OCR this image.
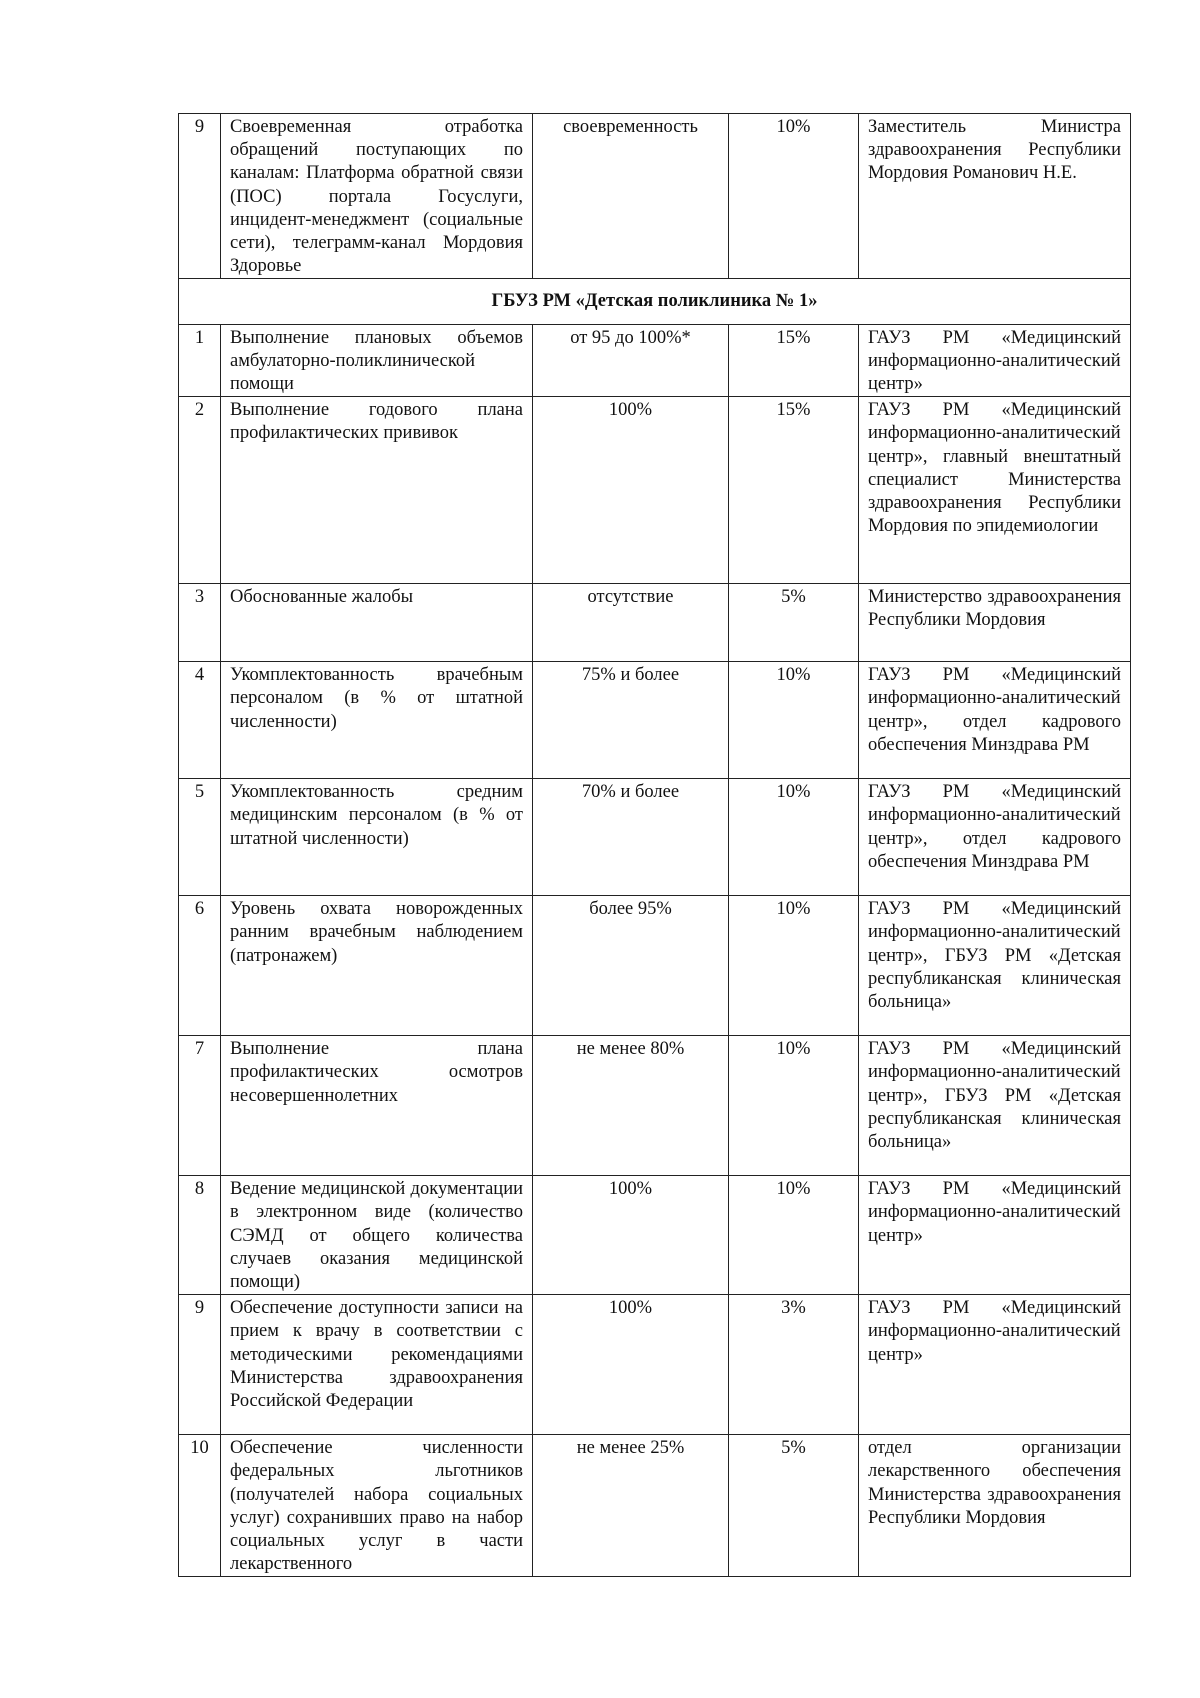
9	Своевременная отработка обращений поступающих по каналам: Платформа обратной связи (ПОС) портала Госуслуги, инцидент-менеджмент (социальные сети), телеграмм-канал Мордовия Здоровье	своевременность	10%	Заместитель Министра здравоохранения Республики Мордовия Романович Н.Е.
ГБУЗ РМ «Детская поликлиника № 1»				
1	Выполнение плановых объемов амбулаторно-поликлинической помощи	от 95 до 100%*	15%	ГАУЗ РМ «Медицинский информационно-аналитический центр»
2	Выполнение годового плана профилактических прививок	100%	15%	ГАУЗ РМ «Медицинский информационно-аналитический центр», главный внештатный специалист Министерства здравоохранения Республики Мордовия по эпидемиологии
3	Обоснованные жалобы	отсутствие	5%	Министерство здравоохранения Республики Мордовия
4	Укомплектованность врачебным персоналом (в % от штатной численности)	75% и более	10%	ГАУЗ РМ «Медицинский информационно-аналитический центр», отдел кадрового обеспечения Минздрава РМ
5	Укомплектованность средним медицинским персоналом (в % от штатной численности)	70% и более	10%	ГАУЗ РМ «Медицинский информационно-аналитический центр», отдел кадрового обеспечения Минздрава РМ
6	Уровень охвата новорожденных ранним врачебным наблюдением (патронажем)	более 95%	10%	ГАУЗ РМ «Медицинский информационно-аналитический центр», ГБУЗ РМ «Детская республиканская клиническая больница»
7	Выполнение плана профилактических осмотров несовершеннолетних	не менее 80%	10%	ГАУЗ РМ «Медицинский информационно-аналитический центр», ГБУЗ РМ «Детская республиканская клиническая больница»
8	Ведение медицинской документации в электронном виде (количество СЭМД от общего количества случаев оказания медицинской помощи)	100%	10%	ГАУЗ РМ «Медицинский информационно-аналитический центр»
9	Обеспечение доступности записи на прием к врачу в соответствии с методическими рекомендациями Министерства здравоохранения Российской Федерации	100%	3%	ГАУЗ РМ «Медицинский информационно-аналитический центр»
10	Обеспечение численности федеральных льготников (получателей набора социальных услуг) сохранивших право на набор социальных услуг в части лекарственного	не менее 25%	5%	отдел организации лекарственного обеспечения Министерства здравоохранения Республики Мордовия
